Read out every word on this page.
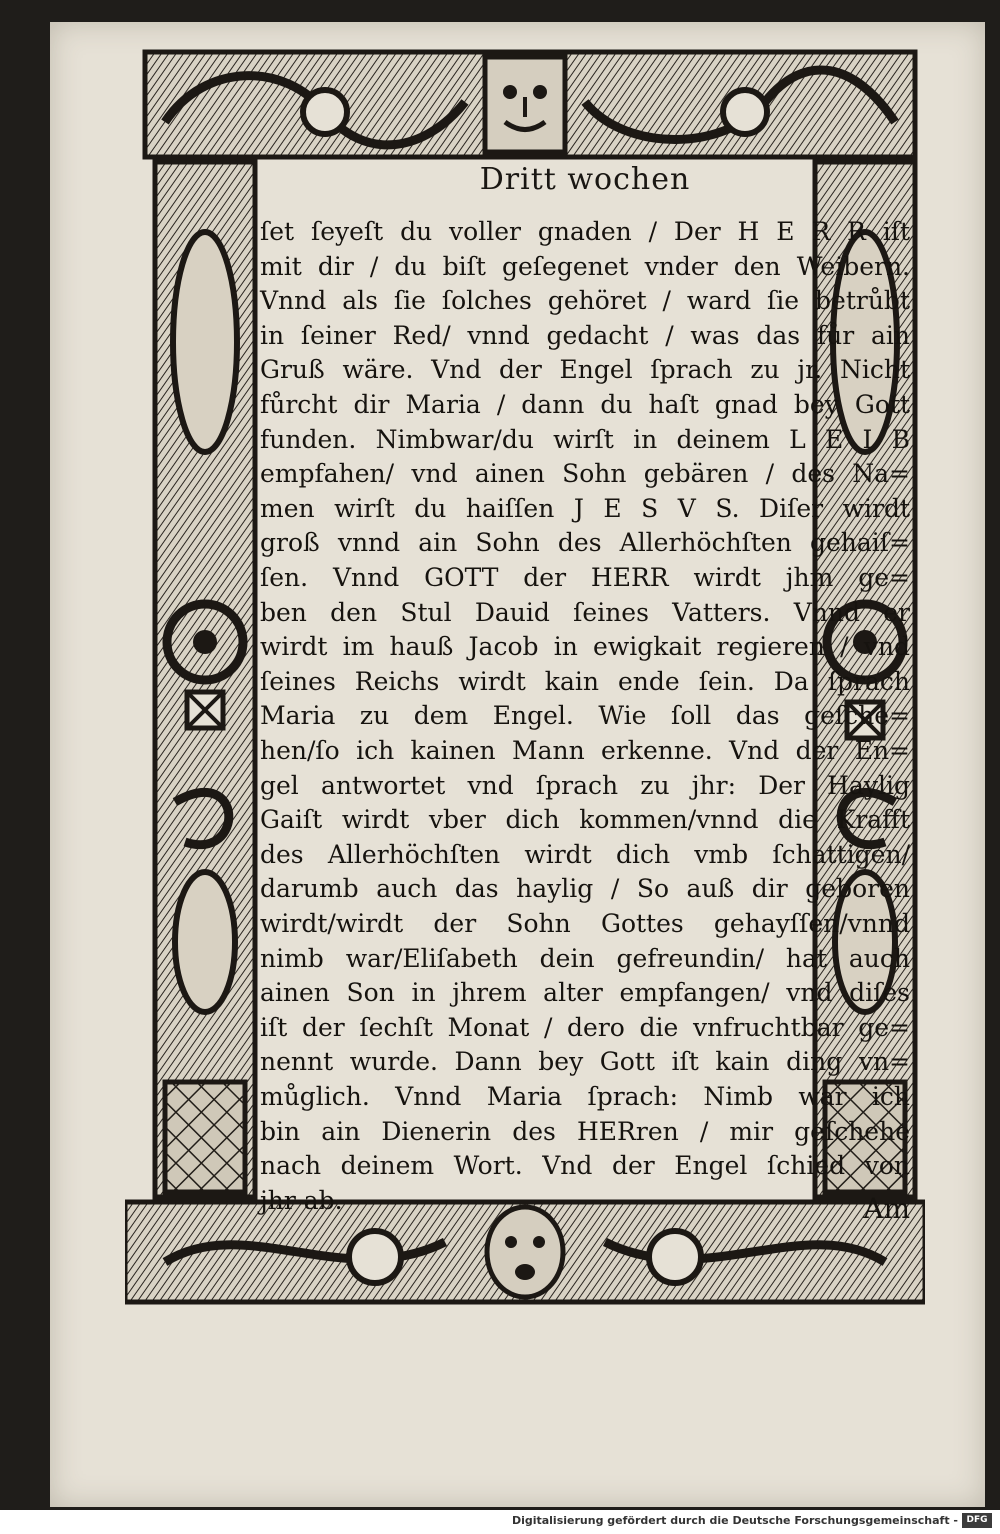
Dritt wochen
ſet ſeyeſt du voller gnaden / Der H E R R iſt
mit dir / du biſt geſegenet vnder den Weibern.
Vnnd als ſie ſolches gehöret / ward ſie betrůbt
in ſeiner Red/ vnnd gedacht / was das fůr ain
Gruß wäre. Vnd der Engel ſprach zu jr. Nicht
fůrcht dir Maria / dann du haſt gnad bey Gott
funden. Nimbwar/du wirſt in deinem L E I B
empfahen/ vnd ainen Sohn gebären / des Na=
men wirſt du haiſſen J E S V S. Diſer wirdt
groß vnnd ain Sohn des Allerhöchſten gehaiſ=
ſen. Vnnd GOTT der HERR wirdt jhm ge=
ben den Stul Dauid ſeines Vatters. Vnnd er
wirdt im hauß Jacob in ewigkait regieren / vnd
ſeines Reichs wirdt kain ende ſein. Da ſprach
Maria zu dem Engel. Wie ſoll das geſche=
hen/ſo ich kainen Mann erkenne. Vnd der En=
gel antwortet vnd ſprach zu jhr: Der Haylig
Gaiſt wirdt vber dich kommen/vnnd die Krafft
des Allerhöchſten wirdt dich vmb ſchattigen/
darumb auch das haylig / So auß dir geboren
wirdt/wirdt der Sohn Gottes gehayſſen/vnnd
nimb war/Eliſabeth dein gefreundin/ hat auch
ainen Son in jhrem alter empfangen/ vnd diſes
iſt der ſechſt Monat / dero die vnfruchtbar ge=
nennt wurde. Dann bey Gott iſt kain ding vn=
můglich. Vnnd Maria ſprach: Nimb war ich
bin ain Dienerin des HERren / mir geſchehe
nach deinem Wort. Vnd der Engel ſchied von
jhr ab.	Am
Digitalisierung gefördert durch die Deutsche Forschungsgemeinschaft - DFG
